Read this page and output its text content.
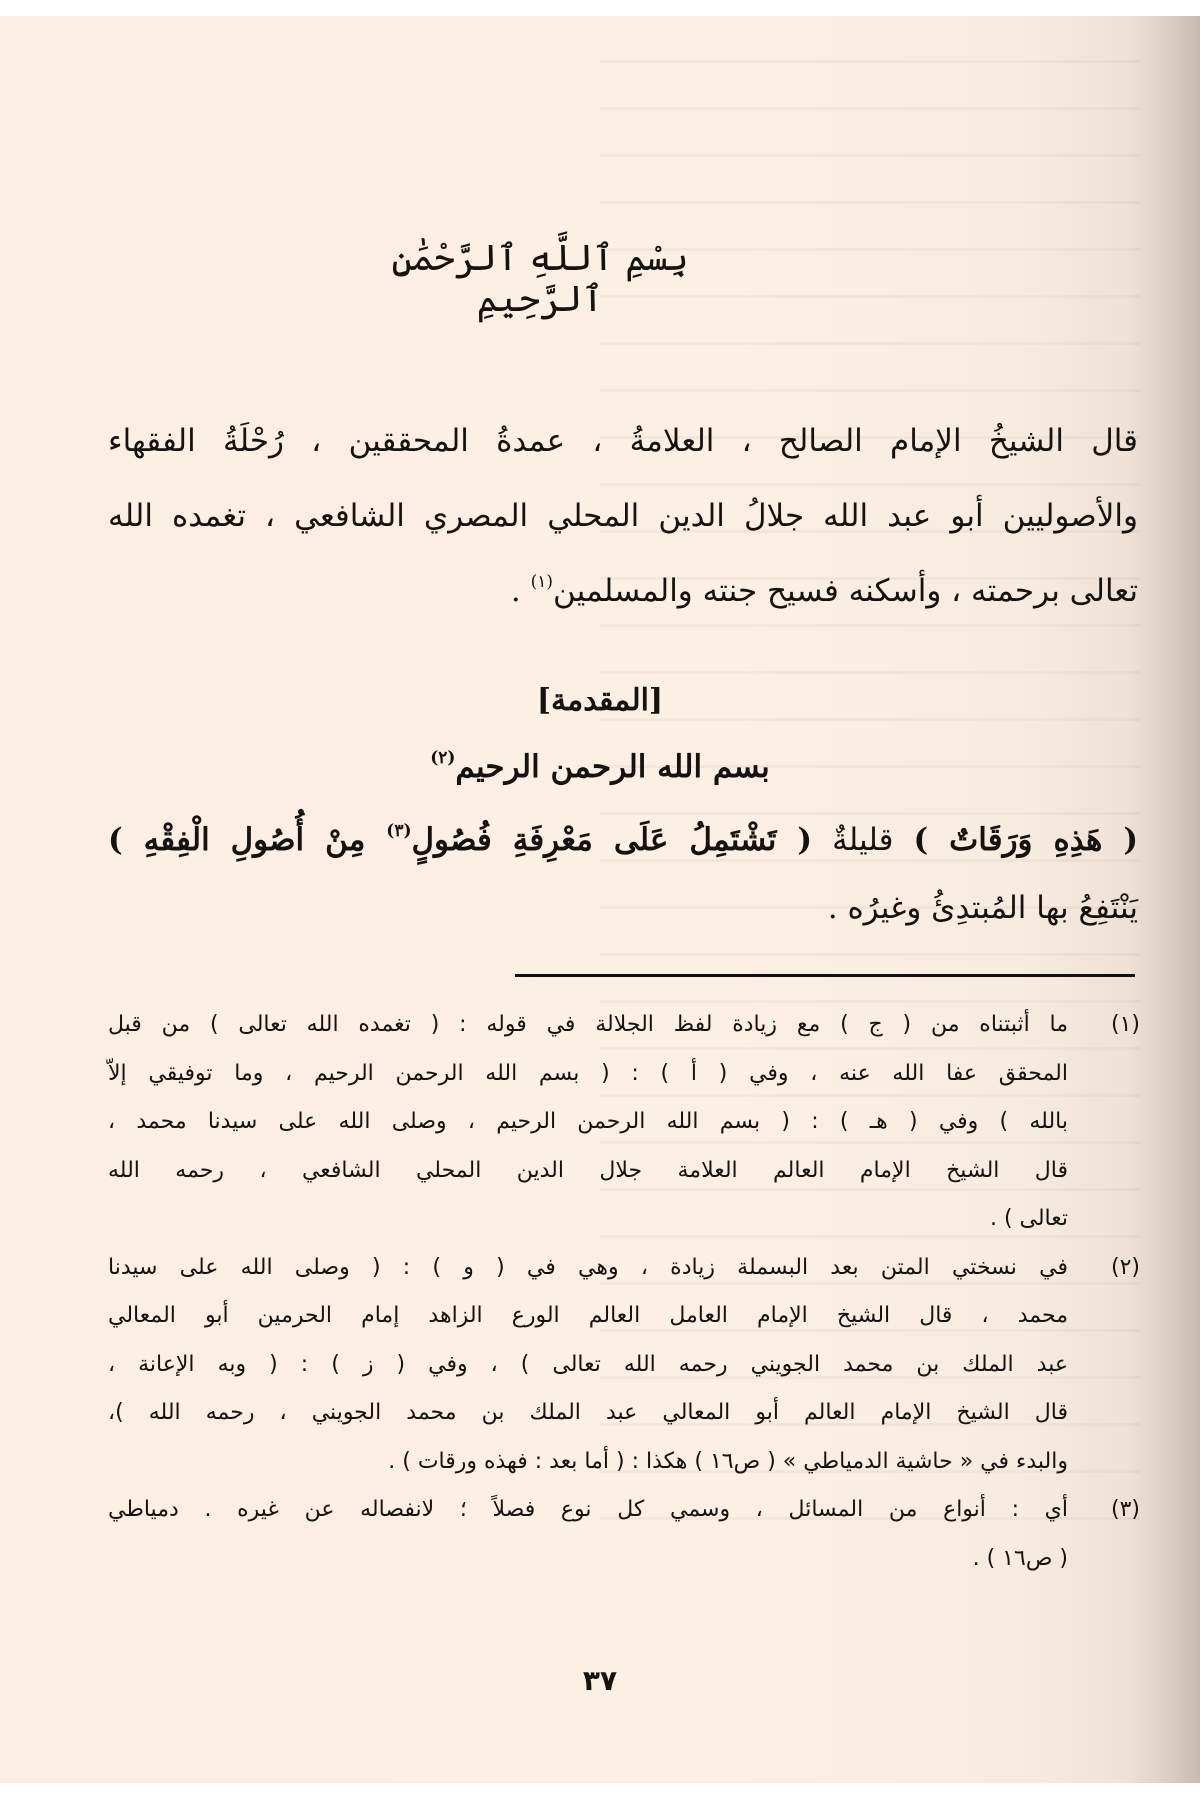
بِسْمِ ٱللَّهِ ٱلرَّحْمَٰنِ ٱلرَّحِيمِ
قال الشيخُ الإمام الصالح ، العلامةُ ، عمدةُ المحققين ، رُحْلَةُ الفقهاء
والأصوليين أبو عبد الله جلالُ الدين المحلي المصري الشافعي ، تغمده الله
تعالى برحمته ، وأسكنه فسيح جنته والمسلمين$^{(١)}$ .
[المقدمة]
بسم الله الرحمن الرحيم$^{(٢)}$
( هَذِهِ وَرَقَاتٌ ) قليلةٌ ( تَشْتَمِلُ عَلَى مَعْرِفَةِ فُصُولٍ$^{(٣)}$ مِنْ أُصُولِ الْفِقْهِ )
يَنْتَفِعُ بها المُبتدِئُ وغيرُه .
(١)
ما أثبتناه من ( ج ) مع زيادة لفظ الجلالة في قوله : ( تغمده الله تعالى ) من قبل
المحقق عفا الله عنه ، وفي ( أ ) : ( بسم الله الرحمن الرحيم ، وما توفيقي إلاّ
بالله ) وفي ( هـ ) : ( بسم الله الرحمن الرحيم ، وصلى الله على سيدنا محمد ،
قال الشيخ الإمام العالم العلامة جلال الدين المحلي الشافعي ، رحمه الله
تعالى ) .
(٢)
في نسختي المتن بعد البسملة زيادة ، وهي في ( و ) : ( وصلى الله على سيدنا
محمد ، قال الشيخ الإمام العامل العالم الورع الزاهد إمام الحرمين أبو المعالي
عبد الملك بن محمد الجويني رحمه الله تعالى ) ، وفي ( ز ) : ( وبه الإعانة ،
قال الشيخ الإمام العالم أبو المعالي عبد الملك بن محمد الجويني ، رحمه الله )،
والبدء في « حاشية الدمياطي » ( ص١٦ ) هكذا : ( أما بعد : فهذه ورقات ) .
(٣)
أي : أنواع من المسائل ، وسمي كل نوع فصلاً ؛ لانفصاله عن غيره . دمياطي
( ص١٦ ) .
٣٧
